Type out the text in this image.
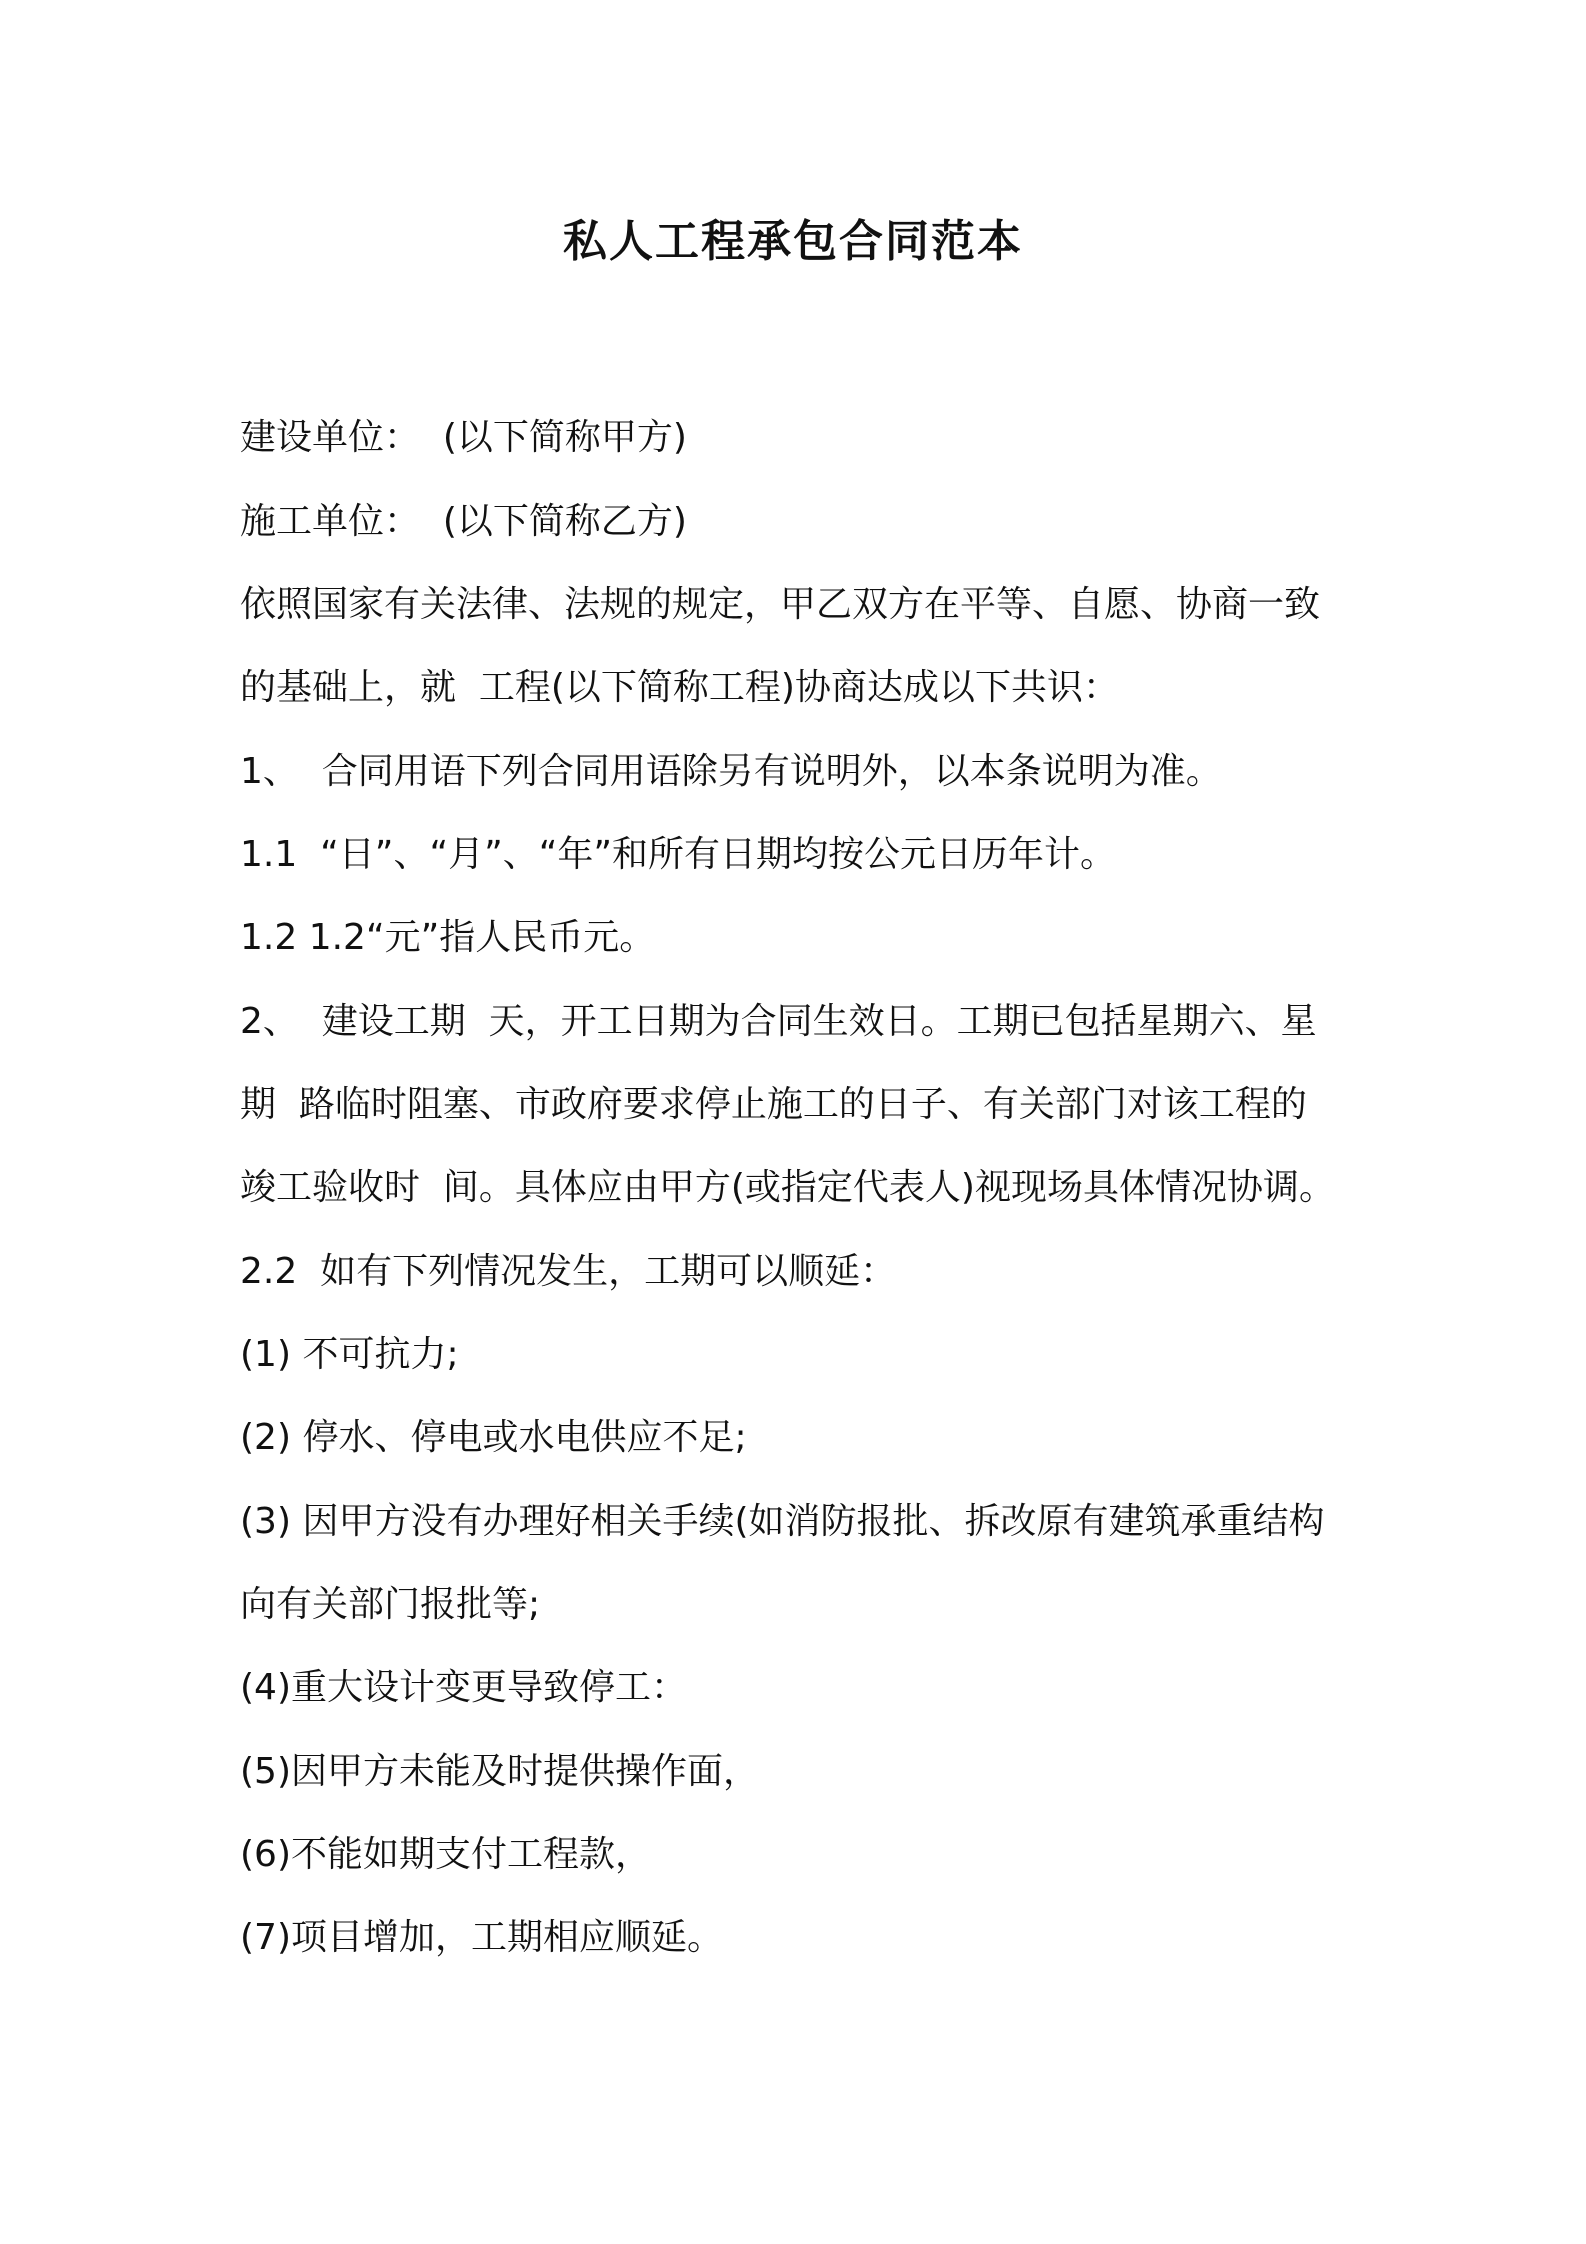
私人工程承包合同范本
建设单位：  (以下简称甲方)
施工单位：  (以下简称乙方)
依照国家有关法律、法规的规定，甲乙双方在平等、自愿、协商一致
的基础上，就  工程(以下简称工程)协商达成以下共识：
1、  合同用语下列合同用语除另有说明外，以本条说明为准。
1.1  “日”、“月”、“年”和所有日期均按公元日历年计。
1.2 1.2“元”指人民币元。
2、  建设工期  天，开工日期为合同生效日。工期已包括星期六、星
期  路临时阻塞、市政府要求停止施工的日子、有关部门对该工程的
竣工验收时  间。具体应由甲方(或指定代表人)视现场具体情况协调。
2.2  如有下列情况发生，工期可以顺延：
(1) 不可抗力;
(2) 停水、停电或水电供应不足;
(3) 因甲方没有办理好相关手续(如消防报批、拆改原有建筑承重结构
向有关部门报批等;
(4)重大设计变更导致停工：
(5)因甲方未能及时提供操作面，
(6)不能如期支付工程款，
(7)项目增加，工期相应顺延。
